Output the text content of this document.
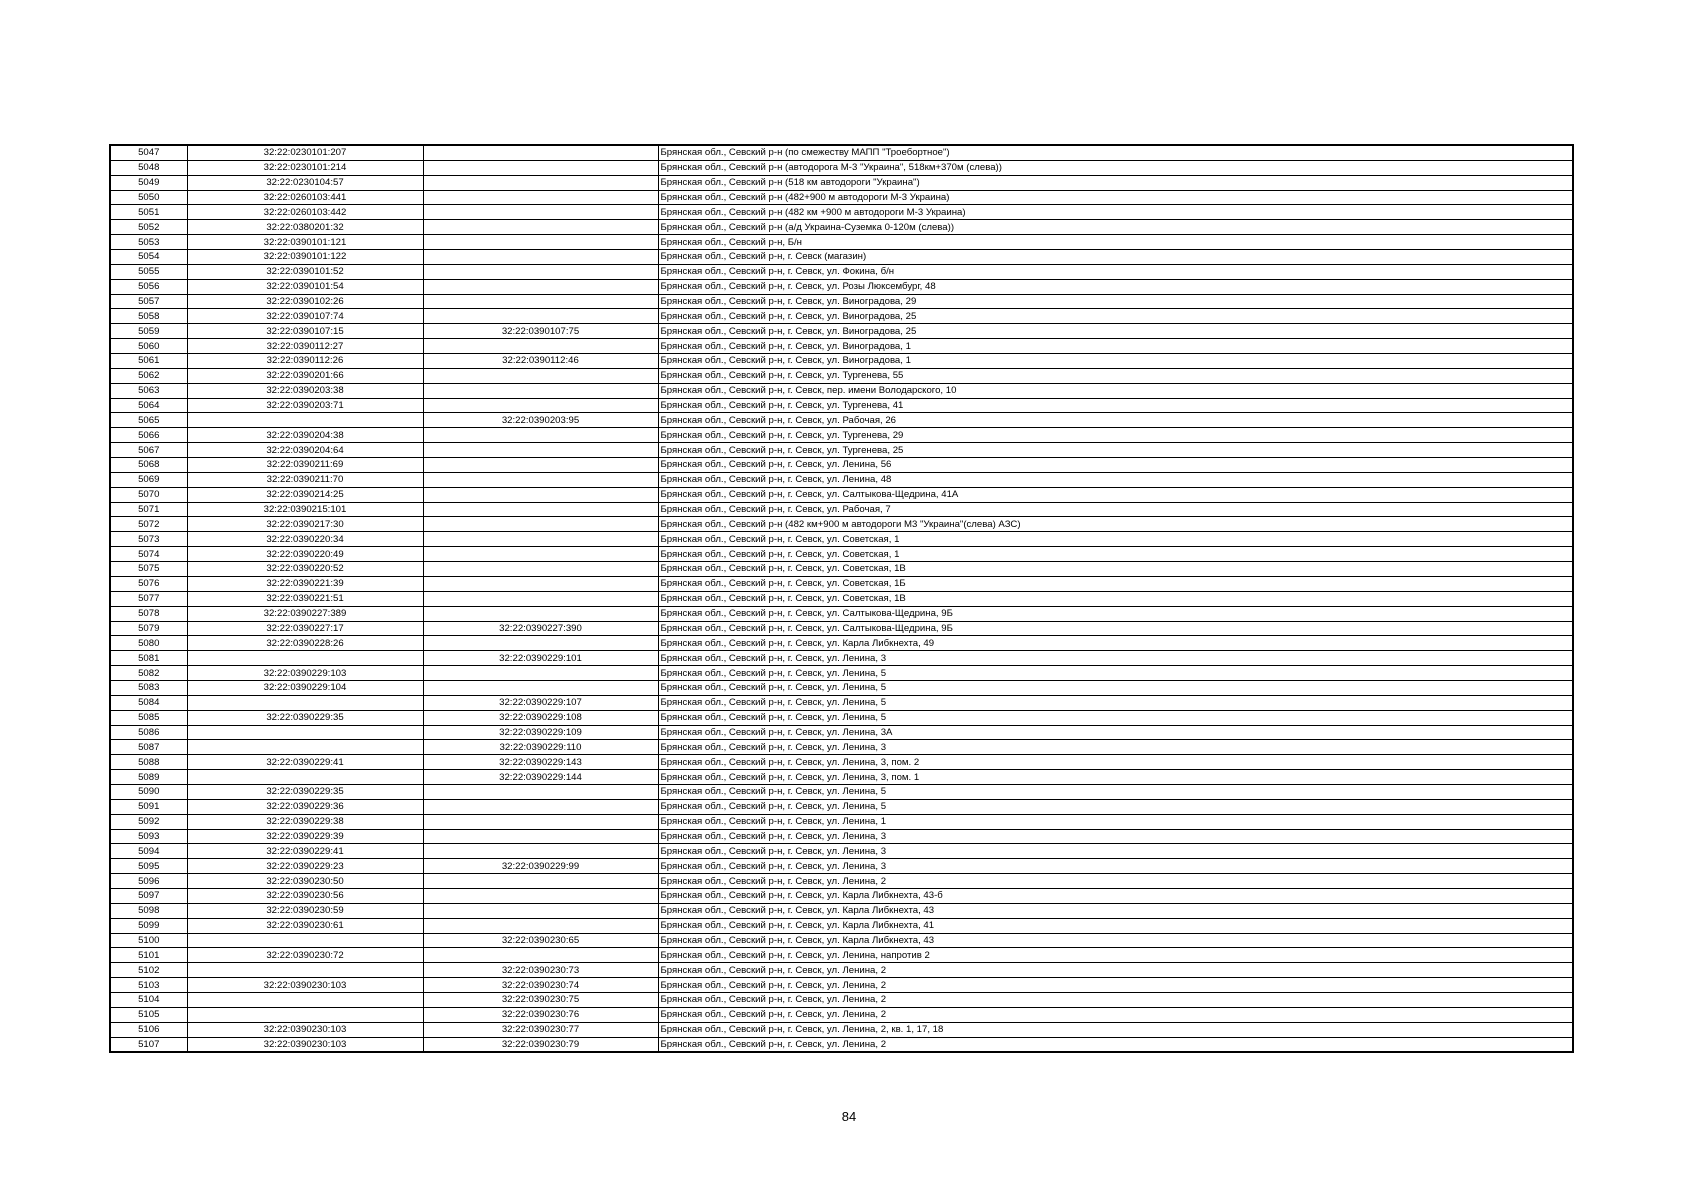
5047	32:22:0230101:207		Брянская обл., Севский р-н (по смежеству МАПП "Троебортное")
5048	32:22:0230101:214		Брянская обл., Севский р-н (автодорога М-3 "Украина", 518км+370м (слева))
5049	32:22:0230104:57		Брянская обл., Севский р-н (518 км автодороги "Украина")
5050	32:22:0260103:441		Брянская обл., Севский р-н (482+900 м автодороги М-3 Украина)
5051	32:22:0260103:442		Брянская обл., Севский р-н (482 км +900 м автодороги М-3 Украина)
5052	32:22:0380201:32		Брянская обл., Севский р-н (а/д Украина-Суземка 0-120м (слева))
5053	32:22:0390101:121		Брянская обл., Севский р-н, Б/н
5054	32:22:0390101:122		Брянская обл., Севский р-н, г. Севск (магазин)
5055	32:22:0390101:52		Брянская обл., Севский р-н, г. Севск, ул. Фокина, б/н
5056	32:22:0390101:54		Брянская обл., Севский р-н, г. Севск, ул. Розы Люксембург, 48
5057	32:22:0390102:26		Брянская обл., Севский р-н, г. Севск, ул. Виноградова, 29
5058	32:22:0390107:74		Брянская обл., Севский р-н, г. Севск, ул. Виноградова, 25
5059	32:22:0390107:15	32:22:0390107:75	Брянская обл., Севский р-н, г. Севск, ул. Виноградова, 25
5060	32:22:0390112:27		Брянская обл., Севский р-н, г. Севск, ул. Виноградова, 1
5061	32:22:0390112:26	32:22:0390112:46	Брянская обл., Севский р-н, г. Севск, ул. Виноградова, 1
5062	32:22:0390201:66		Брянская обл., Севский р-н, г. Севск, ул. Тургенева, 55
5063	32:22:0390203:38		Брянская обл., Севский р-н, г. Севск, пер. имени Володарского, 10
5064	32:22:0390203:71		Брянская обл., Севский р-н, г. Севск, ул. Тургенева, 41
5065		32:22:0390203:95	Брянская обл., Севский р-н, г. Севск, ул. Рабочая, 26
5066	32:22:0390204:38		Брянская обл., Севский р-н, г. Севск, ул. Тургенева, 29
5067	32:22:0390204:64		Брянская обл., Севский р-н, г. Севск, ул. Тургенева, 25
5068	32:22:0390211:69		Брянская обл., Севский р-н, г. Севск, ул. Ленина, 56
5069	32:22:0390211:70		Брянская обл., Севский р-н, г. Севск, ул. Ленина, 48
5070	32:22:0390214:25		Брянская обл., Севский р-н, г. Севск, ул. Салтыкова-Щедрина, 41А
5071	32:22:0390215:101		Брянская обл., Севский р-н, г. Севск, ул. Рабочая, 7
5072	32:22:0390217:30		Брянская обл., Севский р-н (482 км+900 м автодороги М3 "Украина"(слева) АЗС)
5073	32:22:0390220:34		Брянская обл., Севский р-н, г. Севск, ул. Советская, 1
5074	32:22:0390220:49		Брянская обл., Севский р-н, г. Севск, ул. Советская, 1
5075	32:22:0390220:52		Брянская обл., Севский р-н, г. Севск, ул. Советская, 1В
5076	32:22:0390221:39		Брянская обл., Севский р-н, г. Севск, ул. Советская, 1Б
5077	32:22:0390221:51		Брянская обл., Севский р-н, г. Севск, ул. Советская, 1В
5078	32:22:0390227:389		Брянская обл., Севский р-н, г. Севск, ул. Салтыкова-Щедрина, 9Б
5079	32:22:0390227:17	32:22:0390227:390	Брянская обл., Севский р-н, г. Севск, ул. Салтыкова-Щедрина, 9Б
5080	32:22:0390228:26		Брянская обл., Севский р-н, г. Севск, ул. Карла Либкнехта, 49
5081		32:22:0390229:101	Брянская обл., Севский р-н, г. Севск, ул. Ленина, 3
5082	32:22:0390229:103		Брянская обл., Севский р-н, г. Севск, ул. Ленина, 5
5083	32:22:0390229:104		Брянская обл., Севский р-н, г. Севск, ул. Ленина, 5
5084		32:22:0390229:107	Брянская обл., Севский р-н, г. Севск, ул. Ленина, 5
5085	32:22:0390229:35	32:22:0390229:108	Брянская обл., Севский р-н, г. Севск, ул. Ленина, 5
5086		32:22:0390229:109	Брянская обл., Севский р-н, г. Севск, ул. Ленина, 3А
5087		32:22:0390229:110	Брянская обл., Севский р-н, г. Севск, ул. Ленина, 3
5088	32:22:0390229:41	32:22:0390229:143	Брянская обл., Севский р-н, г. Севск, ул. Ленина, 3, пом. 2
5089		32:22:0390229:144	Брянская обл., Севский р-н, г. Севск, ул. Ленина, 3, пом. 1
5090	32:22:0390229:35		Брянская обл., Севский р-н, г. Севск, ул. Ленина, 5
5091	32:22:0390229:36		Брянская обл., Севский р-н, г. Севск, ул. Ленина, 5
5092	32:22:0390229:38		Брянская обл., Севский р-н, г. Севск, ул. Ленина, 1
5093	32:22:0390229:39		Брянская обл., Севский р-н, г. Севск, ул. Ленина, 3
5094	32:22:0390229:41		Брянская обл., Севский р-н, г. Севск, ул. Ленина, 3
5095	32:22:0390229:23	32:22:0390229:99	Брянская обл., Севский р-н, г. Севск, ул. Ленина, 3
5096	32:22:0390230:50		Брянская обл., Севский р-н, г. Севск, ул. Ленина, 2
5097	32:22:0390230:56		Брянская обл., Севский р-н, г. Севск, ул. Карла Либкнехта, 43-б
5098	32:22:0390230:59		Брянская обл., Севский р-н, г. Севск, ул. Карла Либкнехта, 43
5099	32:22:0390230:61		Брянская обл., Севский р-н, г. Севск, ул. Карла Либкнехта, 41
5100		32:22:0390230:65	Брянская обл., Севский р-н, г. Севск, ул. Карла Либкнехта, 43
5101	32:22:0390230:72		Брянская обл., Севский р-н, г. Севск, ул. Ленина, напротив 2
5102		32:22:0390230:73	Брянская обл., Севский р-н, г. Севск, ул. Ленина, 2
5103	32:22:0390230:103	32:22:0390230:74	Брянская обл., Севский р-н, г. Севск, ул. Ленина, 2
5104		32:22:0390230:75	Брянская обл., Севский р-н, г. Севск, ул. Ленина, 2
5105		32:22:0390230:76	Брянская обл., Севский р-н, г. Севск, ул. Ленина, 2
5106	32:22:0390230:103	32:22:0390230:77	Брянская обл., Севский р-н, г. Севск, ул. Ленина, 2, кв. 1, 17, 18
5107	32:22:0390230:103	32:22:0390230:79	Брянская обл., Севский р-н, г. Севск, ул. Ленина, 2
84
